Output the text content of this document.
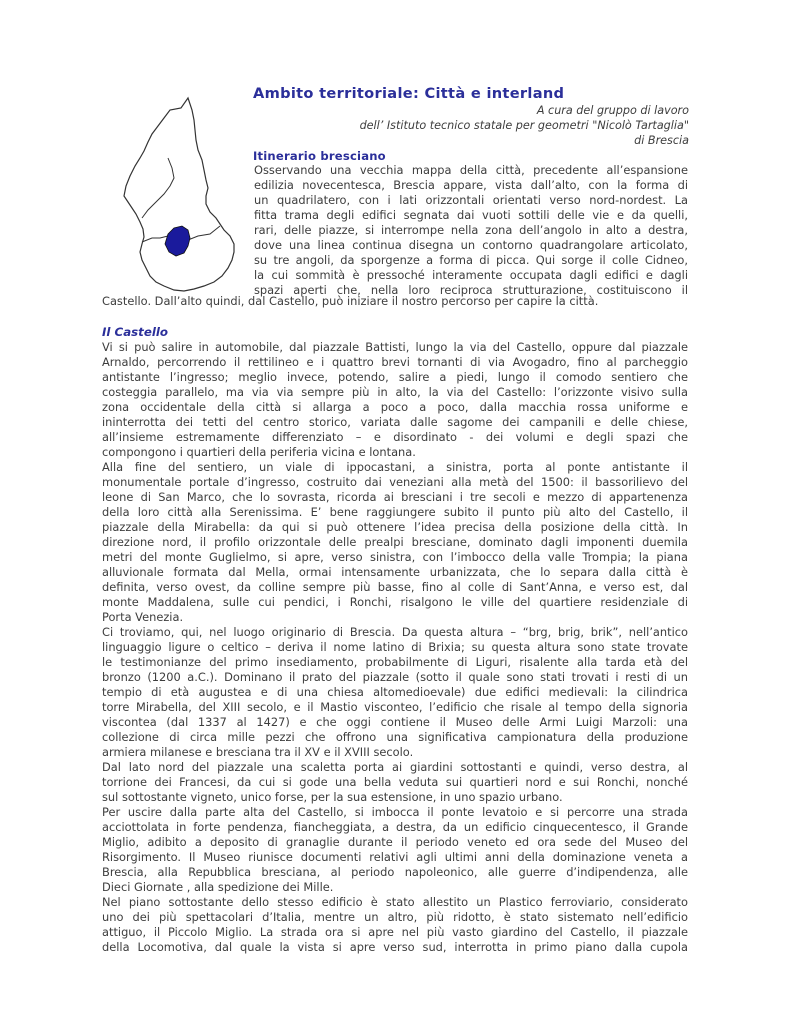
Ambito territoriale: Città e interland
A cura del gruppo di lavoro
dell’ Istituto tecnico statale per geometri "Nicolò Tartaglia"
di Brescia
Itinerario bresciano
Osservando una vecchia mappa della città, precedente all’espansione
edilizia novecentesca, Brescia appare, vista dall’alto, con la forma di
un quadrilatero, con i lati orizzontali orientati verso nord-nordest. La
fitta trama degli edifici segnata dai vuoti sottili delle vie e da quelli,
rari, delle piazze, si interrompe nella zona dell’angolo in alto a destra,
dove una linea continua disegna un contorno quadrangolare articolato,
su tre angoli, da sporgenze a forma di picca. Qui sorge il colle Cidneo,
la cui sommità è pressoché interamente occupata dagli edifici e dagli
spazi aperti che, nella loro reciproca strutturazione, costituiscono il
Castello. Dall’alto quindi, dal Castello, può iniziare il nostro percorso per capire la città.
Il Castello
Vi si può salire in automobile, dal piazzale Battisti, lungo la via del Castello, oppure dal piazzale
Arnaldo, percorrendo il rettilineo e i quattro brevi tornanti di via Avogadro, fino al parcheggio
antistante l’ingresso; meglio invece, potendo, salire a piedi, lungo il comodo sentiero che
costeggia parallelo, ma via via sempre più in alto, la via del Castello: l’orizzonte visivo sulla
zona occidentale della città si allarga a poco a poco, dalla macchia rossa uniforme e
ininterrotta dei tetti del centro storico, variata dalle sagome dei campanili e delle chiese,
all’insieme estremamente differenziato – e disordinato - dei volumi e degli spazi che
compongono i quartieri della periferia vicina e lontana.
Alla fine del sentiero, un viale di ippocastani, a sinistra, porta al ponte antistante il
monumentale portale d’ingresso, costruito dai veneziani alla metà del 1500: il bassorilievo del
leone di San Marco, che lo sovrasta, ricorda ai bresciani i tre secoli e mezzo di appartenenza
della loro città alla Serenissima. E’ bene raggiungere subito il punto più alto del Castello, il
piazzale della Mirabella: da qui si può ottenere l’idea precisa della posizione della città. In
direzione nord, il profilo orizzontale delle prealpi bresciane, dominato dagli imponenti duemila
metri del monte Guglielmo, si apre, verso sinistra, con l’imbocco della valle Trompia; la piana
alluvionale formata dal Mella, ormai intensamente urbanizzata, che lo separa dalla città è
definita, verso ovest, da colline sempre più basse, fino al colle di Sant’Anna, e verso est, dal
monte Maddalena, sulle cui pendici, i Ronchi, risalgono le ville del quartiere residenziale di
Porta Venezia.
Ci troviamo, qui, nel luogo originario di Brescia. Da questa altura – “brg, brig, brik”, nell’antico
linguaggio ligure o celtico – deriva il nome latino di Brixia; su questa altura sono state trovate
le testimonianze del primo insediamento, probabilmente di Liguri, risalente alla tarda età del
bronzo (1200 a.C.). Dominano il prato del piazzale (sotto il quale sono stati trovati i resti di un
tempio di età augustea e di una chiesa altomedioevale) due edifici medievali: la cilindrica
torre Mirabella, del XIII secolo, e il Mastio visconteo, l’edificio che risale al tempo della signoria
viscontea (dal 1337 al 1427) e che oggi contiene il Museo delle Armi Luigi Marzoli: una
collezione di circa mille pezzi che offrono una significativa campionatura della produzione
armiera milanese e bresciana tra il XV e il XVIII secolo.
Dal lato nord del piazzale una scaletta porta ai giardini sottostanti e quindi, verso destra, al
torrione dei Francesi, da cui si gode una bella veduta sui quartieri nord e sui Ronchi, nonché
sul sottostante vigneto, unico forse, per la sua estensione, in uno spazio urbano.
Per uscire dalla parte alta del Castello, si imbocca il ponte levatoio e si percorre una strada
acciottolata in forte pendenza, fiancheggiata, a destra, da un edificio cinquecentesco, il Grande
Miglio, adibito a deposito di granaglie durante il periodo veneto ed ora sede del Museo del
Risorgimento. Il Museo riunisce documenti relativi agli ultimi anni della dominazione veneta a
Brescia, alla Repubblica bresciana, al periodo napoleonico, alle guerre d’indipendenza, alle
Dieci Giornate , alla spedizione dei Mille.
Nel piano sottostante dello stesso edificio è stato allestito un Plastico ferroviario, considerato
uno dei più spettacolari d’Italia, mentre un altro, più ridotto, è stato sistemato nell’edificio
attiguo, il Piccolo Miglio. La strada ora si apre nel più vasto giardino del Castello, il piazzale
della Locomotiva, dal quale la vista si apre verso sud, interrotta in primo piano dalla cupola
